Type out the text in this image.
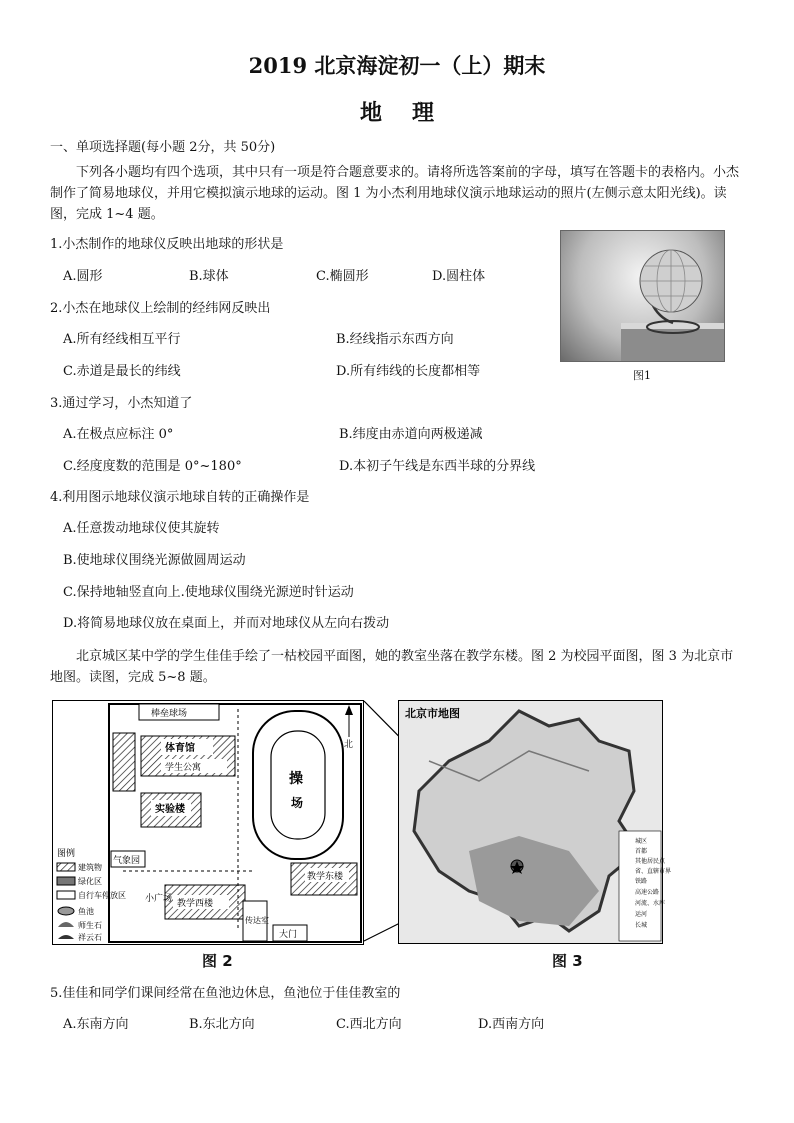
2019 北京海淀初一（上）期末
地理
一、单项选择题(每小题 2分，共 50分)
下列各小题均有四个选项，其中只有一项是符合题意要求的。请将所选答案前的字母，填写在答题卡的表格内。小杰制作了简易地球仪，并用它模拟演示地球的运动。图 1 为小杰利用地球仪演示地球运动的照片(左侧示意太阳光线)。读图，完成 1~4 题。
图1
1.小杰制作的地球仪反映出地球的形状是
A.圆形	B.球体	C.椭圆形	D.圆柱体
2.小杰在地球仪上绘制的经纬网反映出
A.所有经线相互平行	B.经线指示东西方向
C.赤道是最长的纬线	D.所有纬线的长度都相等
3.通过学习，小杰知道了
A.在极点应标注 0°	B.纬度由赤道向两极递减
C.经度度数的范围是 0°~180°	D.本初子午线是东西半球的分界线
4.利用图示地球仪演示地球自转的正确操作是
A.任意拨动地球仪使其旋转
B.使地球仪围绕光源做圆周运动
C.保持地轴竖直向上.使地球仪围绕光源逆时针运动
D.将简易地球仪放在桌面上，并而对地球仪从左向右拨动
北京城区某中学的学生佳佳手绘了一枯校园平面图，她的教室坐落在教学东楼。图 2 为校园平面图，图 3 为北京市地图。读图，完成 5~8 题。
棒垒球场
体育馆
学生公寓
实验楼
操
场
教学东楼
教学西楼
气象园
小广场
大门
传达室
北
图例
建筑物
绿化区
自行车停放区
鱼池
师生石
祥云石
北京市地图
城区
首都
其他居民点
省、直辖市界
铁路
高速公路
河流、水库
运河
长城
图 2	图 3
5.佳佳和同学们课间经常在鱼池边休息，鱼池位于佳佳教室的
A.东南方向	B.东北方向	C.西北方向	D.西南方向
